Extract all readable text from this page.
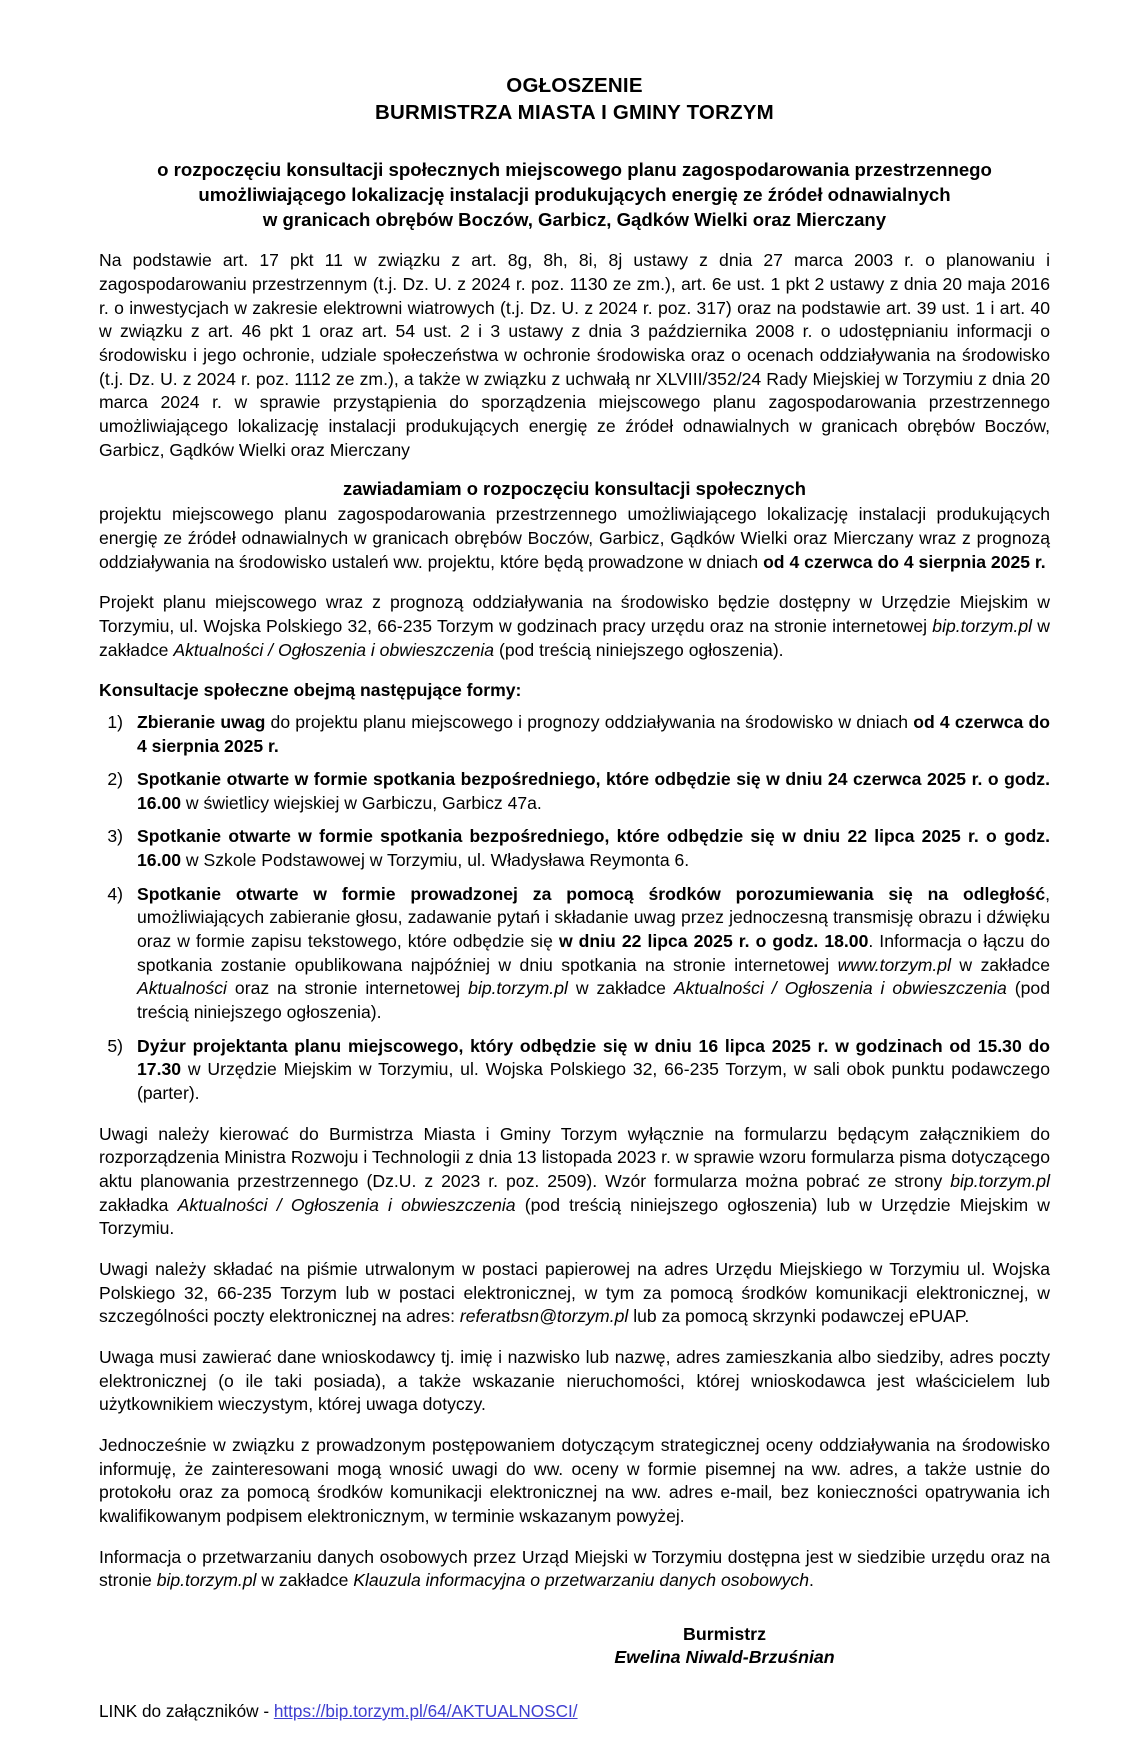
OGŁOSZENIE
BURMISTRZA MIASTA I GMINY TORZYM
o rozpoczęciu konsultacji społecznych miejscowego planu zagospodarowania przestrzennego
umożliwiającego lokalizację instalacji produkujących energię ze źródeł odnawialnych
w granicach obrębów Boczów, Garbicz, Gądków Wielki oraz Mierczany

Na podstawie art. 17 pkt 11 w związku z art. 8g, 8h, 8i, 8j ustawy z dnia 27 marca 2003 r. o planowaniu i zagospodarowaniu przestrzennym (t.j. Dz. U. z 2024 r. poz. 1130 ze zm.), art. 6e ust. 1 pkt 2 ustawy z dnia 20 maja 2016 r. o inwestycjach w zakresie elektrowni wiatrowych (t.j. Dz. U. z 2024 r. poz. 317) oraz na podstawie art. 39 ust. 1 i art. 40 w związku z art. 46 pkt 1 oraz art. 54 ust. 2 i 3 ustawy z dnia 3 października 2008 r. o udostępnianiu informacji o środowisku i jego ochronie, udziale społeczeństwa w ochronie środowiska oraz o ocenach oddziaływania na środowisko (t.j. Dz. U. z 2024 r. poz. 1112 ze zm.), a także w związku z uchwałą nr XLVIII/352/24 Rady Miejskiej w Torzymiu z dnia 20 marca 2024 r. w sprawie przystąpienia do sporządzenia miejscowego planu zagospodarowania przestrzennego umożliwiającego lokalizację instalacji produkujących energię ze źródeł odnawialnych w granicach obrębów Boczów, Garbicz, Gądków Wielki oraz Mierczany

zawiadamiam o rozpoczęciu konsultacji społecznych

projektu miejscowego planu zagospodarowania przestrzennego umożliwiającego lokalizację instalacji produkujących energię ze źródeł odnawialnych w granicach obrębów Boczów, Garbicz, Gądków Wielki oraz Mierczany wraz z prognozą oddziaływania na środowisko ustaleń ww. projektu, które będą prowadzone w dniach od 4 czerwca do 4 sierpnia 2025 r.

Projekt planu miejscowego wraz z prognozą oddziaływania na środowisko będzie dostępny w Urzędzie Miejskim w Torzymiu, ul. Wojska Polskiego 32, 66-235 Torzym w godzinach pracy urzędu oraz na stronie internetowej bip.torzym.pl w zakładce Aktualności / Ogłoszenia i obwieszczenia (pod treścią niniejszego ogłoszenia).

Konsultacje społeczne obejmą następujące formy:

1) Zbieranie uwag do projektu planu miejscowego i prognozy oddziaływania na środowisko w dniach od 4 czerwca do 4 sierpnia 2025 r.
2) Spotkanie otwarte w formie spotkania bezpośredniego, które odbędzie się w dniu 24 czerwca 2025 r. o godz. 16.00 w świetlicy wiejskiej w Garbiczu, Garbicz 47a.
3) Spotkanie otwarte w formie spotkania bezpośredniego, które odbędzie się w dniu 22 lipca 2025 r. o godz. 16.00 w Szkole Podstawowej w Torzymiu, ul. Władysława Reymonta 6.
4) Spotkanie otwarte w formie prowadzonej za pomocą środków porozumiewania się na odległość, umożliwiających zabieranie głosu, zadawanie pytań i składanie uwag przez jednoczesną transmisję obrazu i dźwięku oraz w formie zapisu tekstowego, które odbędzie się w dniu 22 lipca 2025 r. o godz. 18.00. Informacja o łączu do spotkania zostanie opublikowana najpóźniej w dniu spotkania na stronie internetowej www.torzym.pl w zakładce Aktualności oraz na stronie internetowej bip.torzym.pl w zakładce Aktualności / Ogłoszenia i obwieszczenia (pod treścią niniejszego ogłoszenia).
5) Dyżur projektanta planu miejscowego, który odbędzie się w dniu 16 lipca 2025 r. w godzinach od 15.30 do 17.30 w Urzędzie Miejskim w Torzymiu, ul. Wojska Polskiego 32, 66-235 Torzym, w sali obok punktu podawczego (parter).

Uwagi należy kierować do Burmistrza Miasta i Gminy Torzym wyłącznie na formularzu będącym załącznikiem do rozporządzenia Ministra Rozwoju i Technologii z dnia 13 listopada 2023 r. w sprawie wzoru formularza pisma dotyczącego aktu planowania przestrzennego (Dz.U. z 2023 r. poz. 2509). Wzór formularza można pobrać ze strony bip.torzym.pl zakładka Aktualności / Ogłoszenia i obwieszczenia (pod treścią niniejszego ogłoszenia) lub w Urzędzie Miejskim w Torzymiu.

Uwagi należy składać na piśmie utrwalonym w postaci papierowej na adres Urzędu Miejskiego w Torzymiu ul. Wojska Polskiego 32, 66-235 Torzym lub w postaci elektronicznej, w tym za pomocą środków komunikacji elektronicznej, w szczególności poczty elektronicznej na adres: referatbsn@torzym.pl lub za pomocą skrzynki podawczej ePUAP.

Uwaga musi zawierać dane wnioskodawcy tj. imię i nazwisko lub nazwę, adres zamieszkania albo siedziby, adres poczty elektronicznej (o ile taki posiada), a także wskazanie nieruchomości, której wnioskodawca jest właścicielem lub użytkownikiem wieczystym, której uwaga dotyczy.

Jednocześnie w związku z prowadzonym postępowaniem dotyczącym strategicznej oceny oddziaływania na środowisko informuję, że zainteresowani mogą wnosić uwagi do ww. oceny w formie pisemnej na ww. adres, a także ustnie do protokołu oraz za pomocą środków komunikacji elektronicznej na ww. adres e-mail, bez konieczności opatrywania ich kwalifikowanym podpisem elektronicznym, w terminie wskazanym powyżej.

Informacja o przetwarzaniu danych osobowych przez Urząd Miejski w Torzymiu dostępna jest w siedzibie urzędu oraz na stronie bip.torzym.pl w zakładce Klauzula informacyjna o przetwarzaniu danych osobowych.

Burmistrz
Ewelina Niwald-Brzuśnian
LINK do załączników - https://bip.torzym.pl/64/AKTUALNOSCI/
